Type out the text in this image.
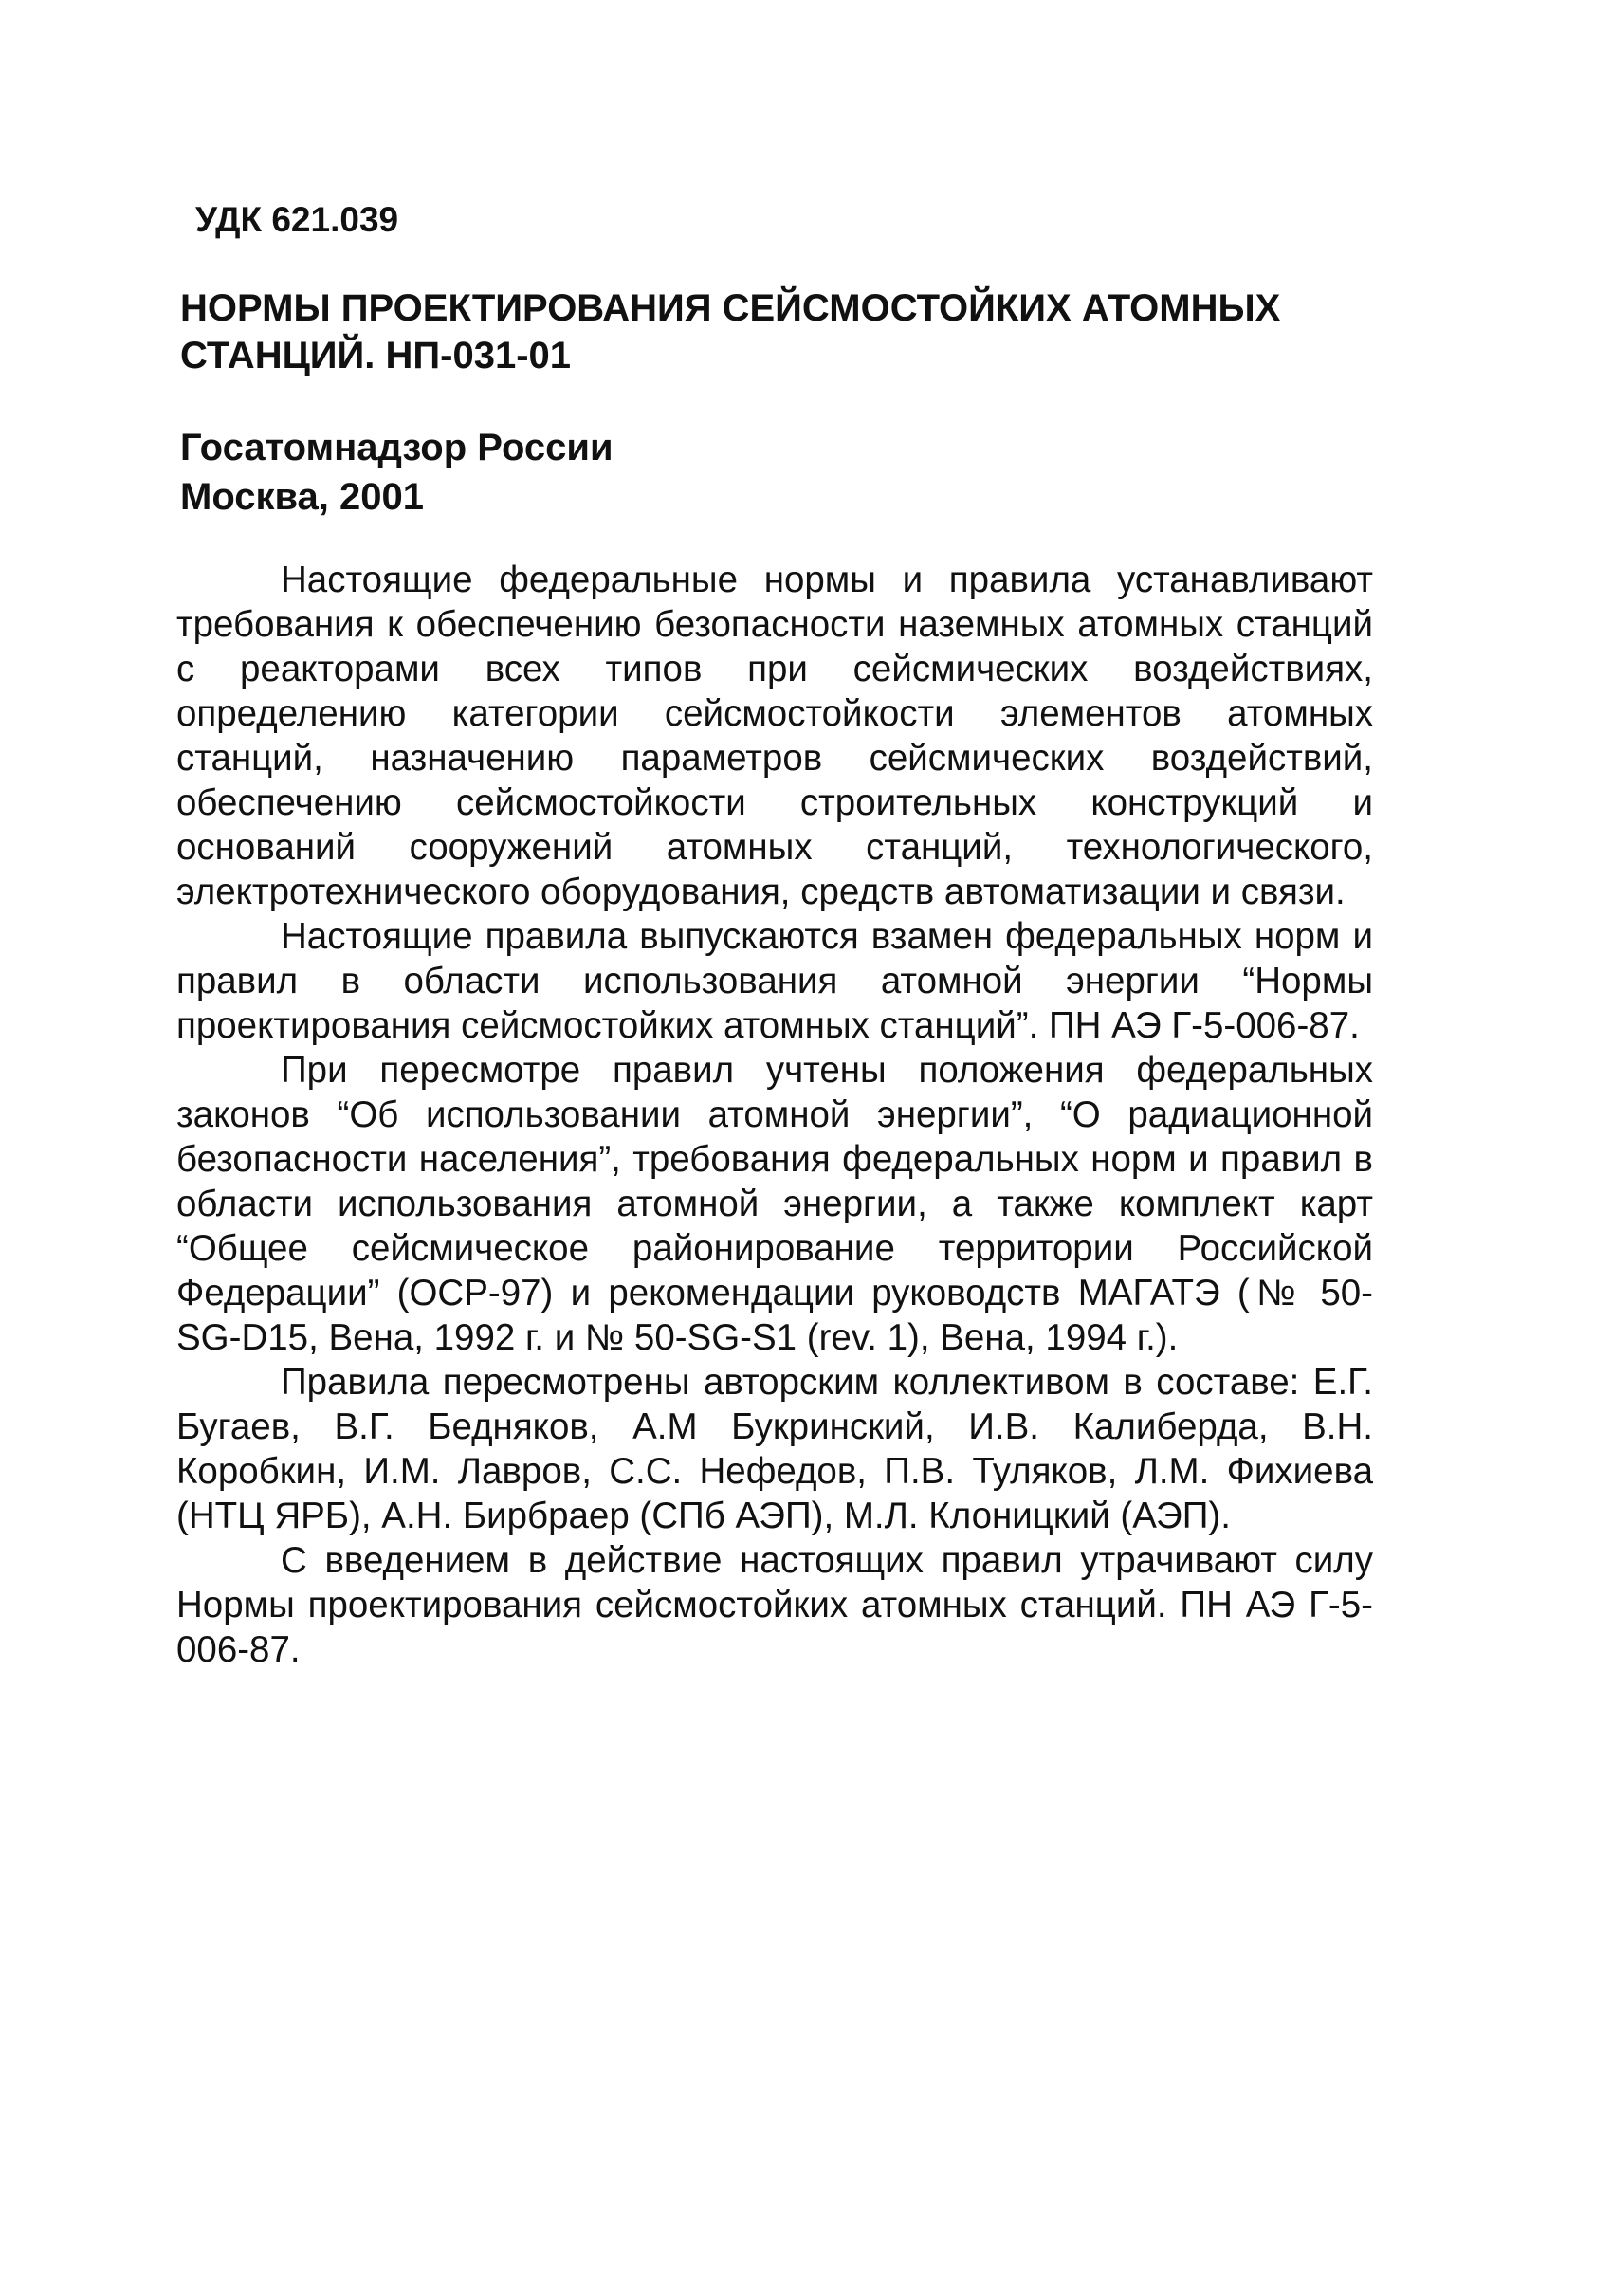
УДК 621.039
НОРМЫ ПРОЕКТИРОВАНИЯ СЕЙСМОСТОЙКИХ АТОМНЫХ СТАНЦИЙ. НП-031-01
Госатомнадзор России
Москва, 2001

Настоящие федеральные нормы и правила устанавливают требования к обеспечению безопасности наземных атомных станций с реакторами всех типов при сейсмических воздействиях, определению категории сейсмостойкости элементов атомных станций, назначению параметров сейсмических воздействий, обеспечению сейсмостойкости строительных конструкций и оснований сооружений атомных станций, технологического, электротехнического оборудования, средств автоматизации и связи.

Настоящие правила выпускаются взамен федеральных норм и правил в области использования атомной энергии “Нормы проектирования сейсмостойких атомных станций”. ПН АЭ Г-5-006-87.

При пересмотре правил учтены положения федеральных законов “Об использовании атомной энергии”, “О радиационной безопасности населения”, требования федеральных норм и правил в области использования атомной энергии, а также комплект карт “Общее сейсмическое районирование территории Российской Федерации” (ОСР-97) и рекомендации руководств МАГАТЭ (№ 50-SG-D15, Вена, 1992 г. и № 50-SG-S1 (rev. 1), Вена, 1994 г.).

Правила пересмотрены авторским коллективом в составе: Е.Г. Бугаев, В.Г. Бедняков, А.М Букринский, И.В. Калиберда, В.Н. Коробкин, И.М. Лавров, С.С. Нефедов, П.В. Туляков, Л.М. Фихиева (НТЦ ЯРБ), А.Н. Бирбраер (СПб АЭП), М.Л. Клоницкий (АЭП).

С введением в действие настоящих правил утрачивают силу Нормы проектирования сейсмостойких атомных станций. ПН АЭ Г-5-006-87.
